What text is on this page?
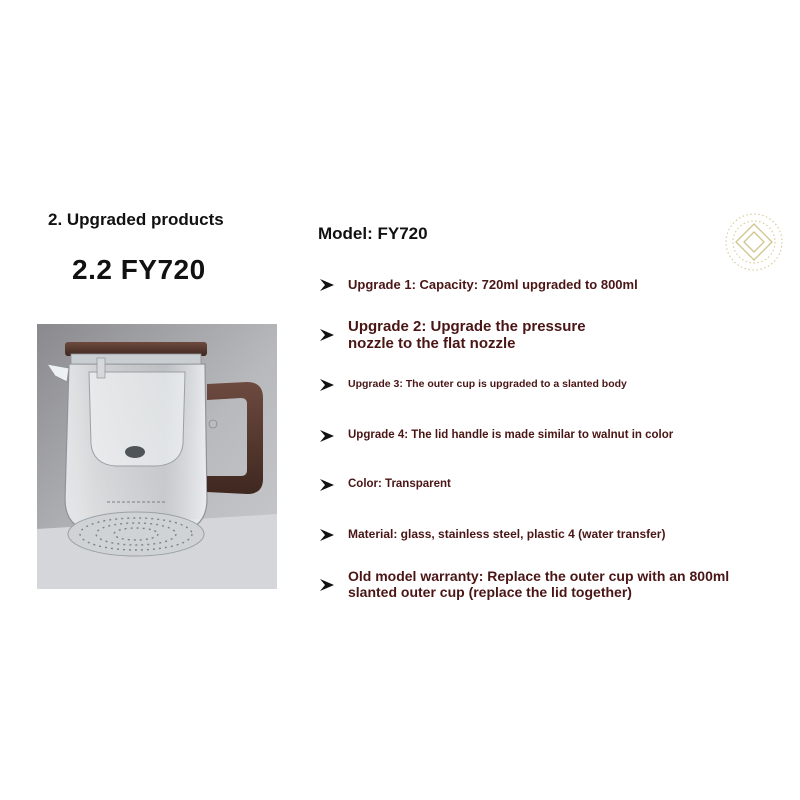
2. Upgraded products
2.2 FY720
Model: FY720
Upgrade 1: Capacity: 720ml upgraded to 800ml
Upgrade 2: Upgrade the pressure nozzle to the flat nozzle
Upgrade 3: The outer cup is upgraded to a slanted body
Upgrade 4: The lid handle is made similar to walnut in color
Color: Transparent
Material: glass, stainless steel, plastic 4 (water transfer)
Old model warranty: Replace the outer cup with an 800ml slanted outer cup (replace the lid together)
